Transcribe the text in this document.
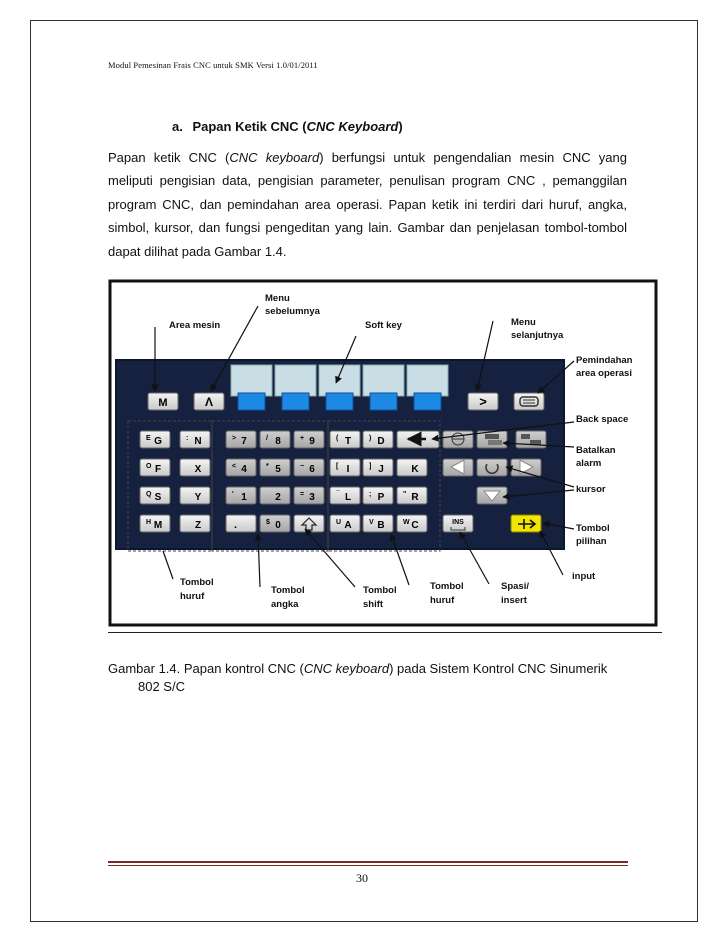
Modul Pemesinan Frais CNC untuk SMK Versi 1.0/01/2011
a. Papan Ketik CNC (CNC Keyboard)

Papan ketik CNC (CNC keyboard) berfungsi untuk pengendalian mesin CNC yang meliputi pengisian data, pengisian parameter, penulisan program CNC , pemanggilan program CNC, dan pemindahan area operasi. Papan ketik ini terdiri dari huruf, angka, simbol, kursor, dan fungsi pengeditan yang lain. Gambar dan penjelasan tombol-tombol dapat dilihat pada Gambar 1.4.

M	Λ	>
E G	: N	> 7	/ 8	+ 9	( T	) D
O F	X	< 4	* 5	− 6	[ I	] J	K
Q S	Y	' 1	2	= 3	¯ L	; P	" R
H M	Z	$ 0	U A V B	W C
.	INS
Area mesin
Menu
sebelumnya
Soft key	Menu
selanjutnya
Pemindahan
area operasi
Back space
Batalkan
alarm
kursor
Tombol
pilihan
input
Tombol
huruf
Tombol
angka
Tombol
shift
Tombol
huruf
Spasi/
insert
Gambar 1.4. Papan kontrol CNC (CNC keyboard) pada Sistem Kontrol CNC Sinumerik
802 S/C
30
